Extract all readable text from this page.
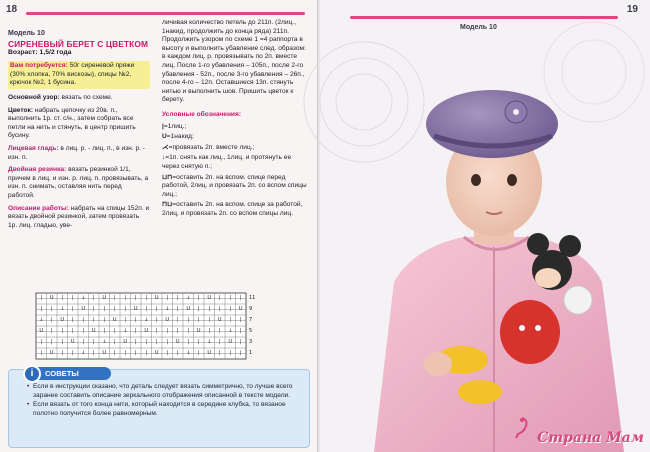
18
Модель 10
СИРЕНЕВЫЙ БЕРЕТ С ЦВЕТКОМ
Возраст: 1,5/2 года
Вам потребуется: 50г сиреневой пряжи (30% хлопка, 70% вискозы), спицы №2, крючок №2, 1 бусина.

Основной узор: вязать по схеме.

Цветок: набрать цепочку из 20в. п., выполнить 1р. ст. с/н., затем собрать все петли на нить и стянуть, в центр пришить бусину.

Лицевая гладь: в лиц. р. - лиц. п., в изн. р. - изн. п.

Двойная резинка: вязать резинкой 1/1, причем в лиц. и изн. р. лиц. п. провязывать, а изн. п. снимать, оставляя нить перед работой.

Описание работы: набрать на спицы 152п. и вязать двойной резинкой, затем провязать 1р. лиц. гладью, уве-

личивая количество петель до 211п. (2лиц., 1накид, продолжить до конца ряда) 211п. Продолжить узором по схеме 1 =4 раппорта в высоту и выполнить убавление след. образом: в каждом лиц. р. провязывать по 2п. вместе лиц. После 1-го убавления – 105п., после 2-го убавления - 52п., после 3-го убавления – 26п., после 4-го – 12п. Оставшиеся 13п. стянуть нитью и выполнить шов. Пришить цветок к берету.

Условные обозначения:
|=1лиц.;
U=1накид;
⋌=провязать 2п. вместе лиц.;
↓=1п. снять как лиц., 1лиц. и протянуть ее через снятую п.;
⊔⊓=оставить 2п. на вспом. спице перед работой, 2лиц. и провязать 2п. со вспом спицы лиц.;
⊓⊔=оставить 2п. на вспом. спице за работой, 2лиц, и провязать 2п. со вспом спицы лиц.
| U | | ↓ | U | | | | U | | ↓ | U | | |
| | ↓ | U | | | | U | | ↓ | U | | | | U
↓ | U | | | | U | | ↓ | U | | | | U | |
U | | | | U | | ↓ | U | | | | U | | ↓ |
| | | U | | ↓ | U | | | | U | | ↓ | U |
| U | | ↓ | U | | | | U | | ↓ | U | | |
11
9
7
5
3
1
СОВЕТЫ
i
• Если в инструкции сказано, что деталь следует вязать симметрично, то лучше всего заранее составить описание зеркального отображения описанной в тексте модели.
• Если вязать от того конца нити, который находится в середине клубка, то вязаное полотно получится более равномерным.
19
Модель 10
Страна Мам
